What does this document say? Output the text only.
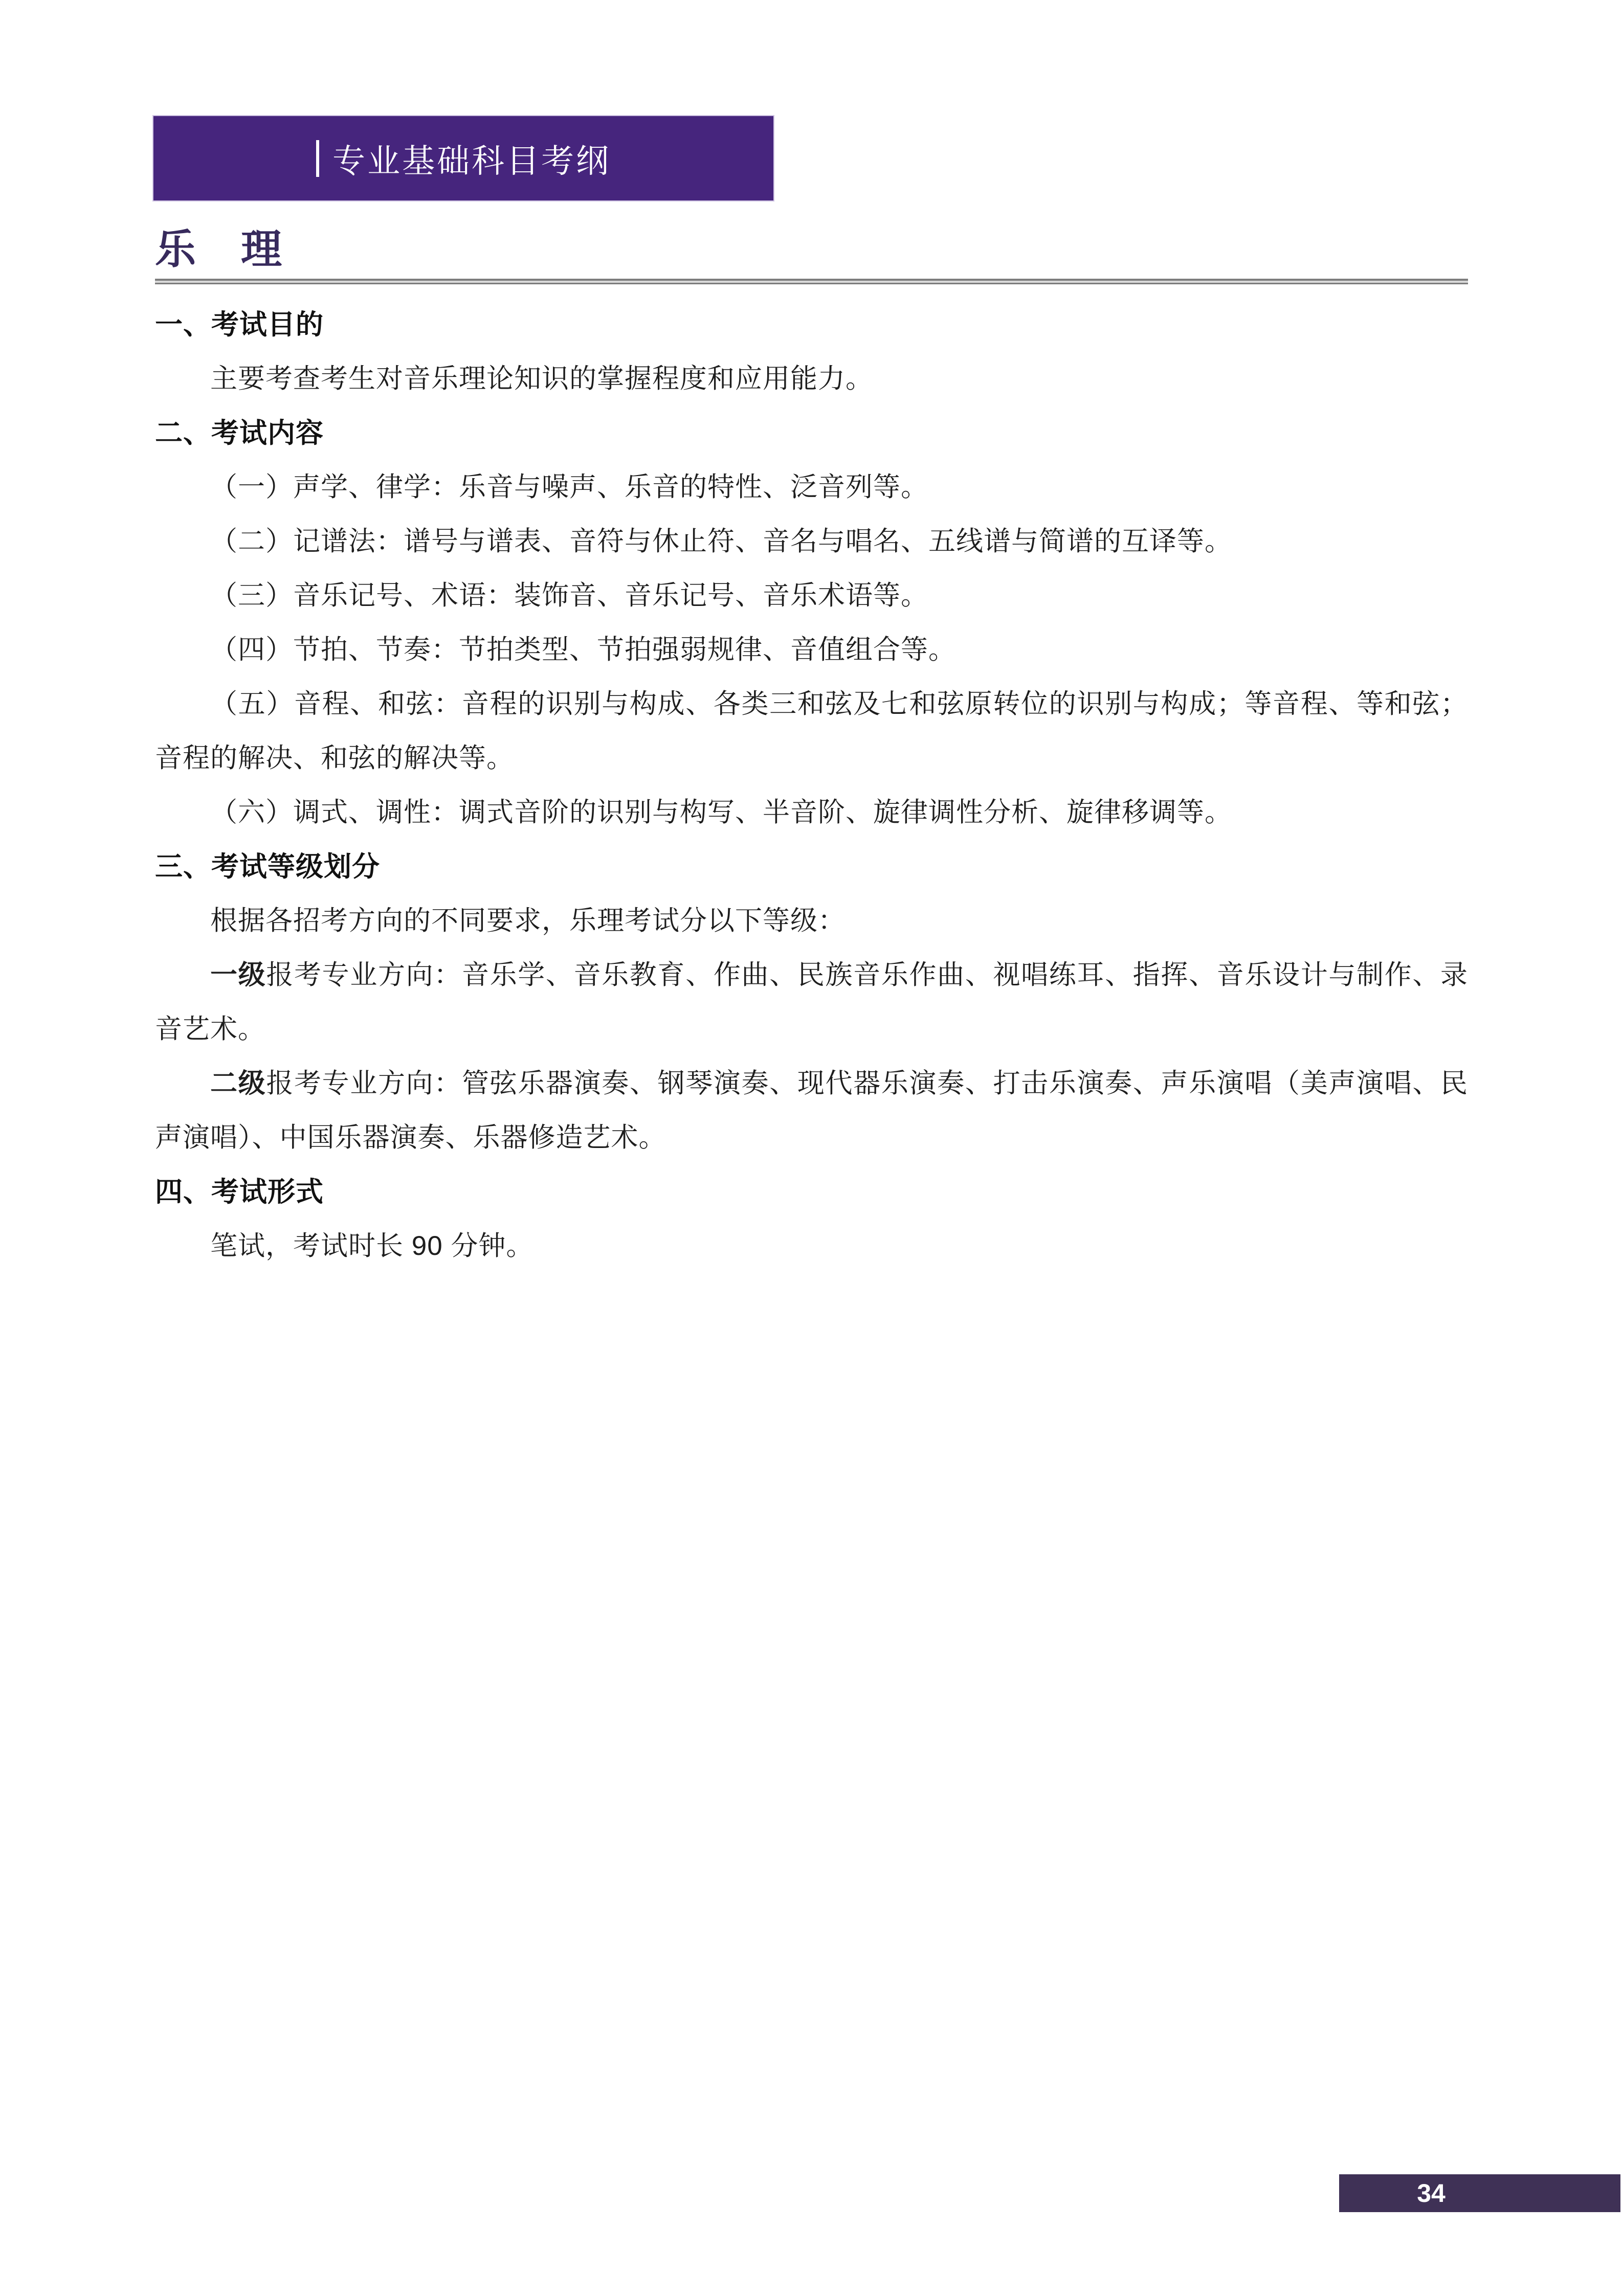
专业基础科目考纲
乐　理
一、考试目的

主要考查考生对音乐理论知识的掌握程度和应用能力。

二、考试内容

（一）声学、律学：乐音与噪声、乐音的特性、泛音列等。

（二）记谱法：谱号与谱表、音符与休止符、音名与唱名、五线谱与简谱的互译等。

（三）音乐记号、术语：装饰音、音乐记号、音乐术语等。

（四）节拍、节奏：节拍类型、节拍强弱规律、音值组合等。

（五）音程、和弦：音程的识别与构成、各类三和弦及七和弦原转位的识别与构成；等音程、等和弦；音程的解决、和弦的解决等。

（六）调式、调性：调式音阶的识别与构写、半音阶、旋律调性分析、旋律移调等。

三、考试等级划分

根据各招考方向的不同要求，乐理考试分以下等级：

一级报考专业方向：音乐学、音乐教育、作曲、民族音乐作曲、视唱练耳、指挥、音乐设计与制作、录音艺术。

二级报考专业方向：管弦乐器演奏、钢琴演奏、现代器乐演奏、打击乐演奏、声乐演唱（美声演唱、民声演唱）、中国乐器演奏、乐器修造艺术。

四、考试形式

笔试，考试时长 90 分钟。

34
